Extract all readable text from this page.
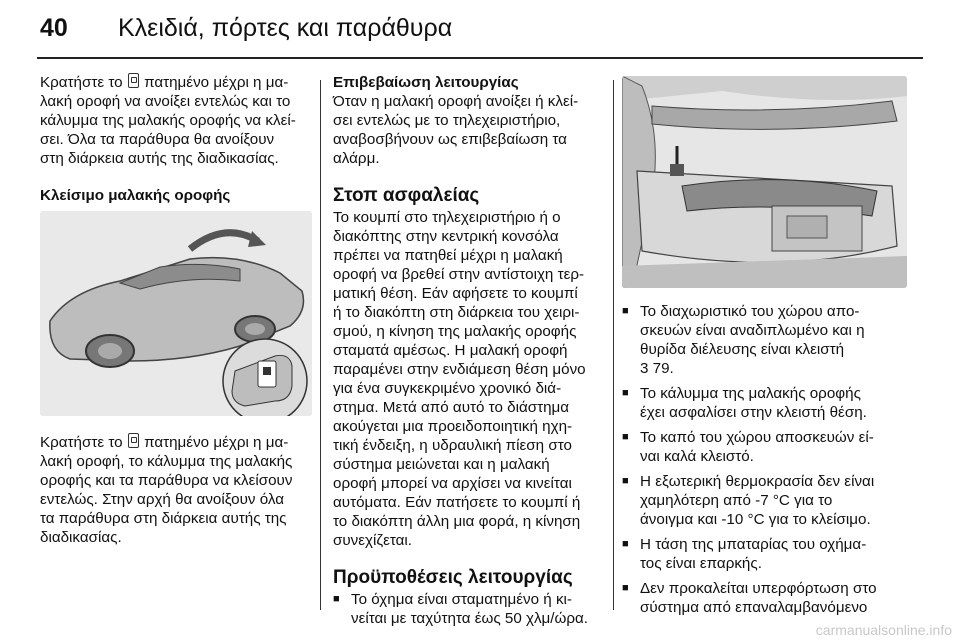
40 Κλειδιά, πόρτες και παράθυρα

Κρατήστε το πατημένο μέχρι η μα-
λακή οροφή να ανοίξει εντελώς και το
κάλυμμα της μαλακής οροφής να κλεί-
σει. Όλα τα παράθυρα θα ανοίξουν
στη διάρκεια αυτής της διαδικασίας.

Κλείσιμο μαλακής οροφής

Κρατήστε το πατημένο μέχρι η μα-
λακή οροφή, το κάλυμμα της μαλακής
οροφής και τα παράθυρα να κλείσουν
εντελώς. Στην αρχή θα ανοίξουν όλα
τα παράθυρα στη διάρκεια αυτής της
διαδικασίας.

Επιβεβαίωση λειτουργίας

Όταν η μαλακή οροφή ανοίξει ή κλεί-
σει εντελώς με το τηλεχειριστήριο,
αναβοσβήνουν ως επιβεβαίωση τα
αλάρμ.

Στοπ ασφαλείας

Το κουμπί στο τηλεχειριστήριο ή ο
διακόπτης στην κεντρική κονσόλα
πρέπει να πατηθεί μέχρι η μαλακή
οροφή να βρεθεί στην αντίστοιχη τερ-
ματική θέση. Εάν αφήσετε το κουμπί
ή το διακόπτη στη διάρκεια του χειρι-
σμού, η κίνηση της μαλακής οροφής
σταματά αμέσως. Η μαλακή οροφή
παραμένει στην ενδιάμεση θέση μόνο
για ένα συγκεκριμένο χρονικό διά-
στημα. Μετά από αυτό το διάστημα
ακούγεται μια προειδοποιητική ηχη-
τική ένδειξη, η υδραυλική πίεση στο
σύστημα μειώνεται και η μαλακή
οροφή μπορεί να αρχίσει να κινείται
αυτόματα. Εάν πατήσετε το κουμπί ή
το διακόπτη άλλη μια φορά, η κίνηση
συνεχίζεται.

Προϋποθέσεις λειτουργίας

■ Το όχημα είναι σταματημένο ή κι-
νείται με ταχύτητα έως 50 χλμ/ώρα.

■ Το διαχωριστικό του χώρου απο-
σκευών είναι αναδιπλωμένο και η
θυρίδα διέλευσης είναι κλειστή
3 79.

■ Το κάλυμμα της μαλακής οροφής
έχει ασφαλίσει στην κλειστή θέση.

■ Το καπό του χώρου αποσκευών εί-
ναι καλά κλειστό.

■ Η εξωτερική θερμοκρασία δεν είναι
χαμηλότερη από -7 °C για το
άνοιγμα και -10 °C για το κλείσιμο.

■ Η τάση της μπαταρίας του οχήμα-
τος είναι επαρκής.

■ Δεν προκαλείται υπερφόρτωση στο
σύστημα από επαναλαμβανόμενο

carmanualsonline.info
